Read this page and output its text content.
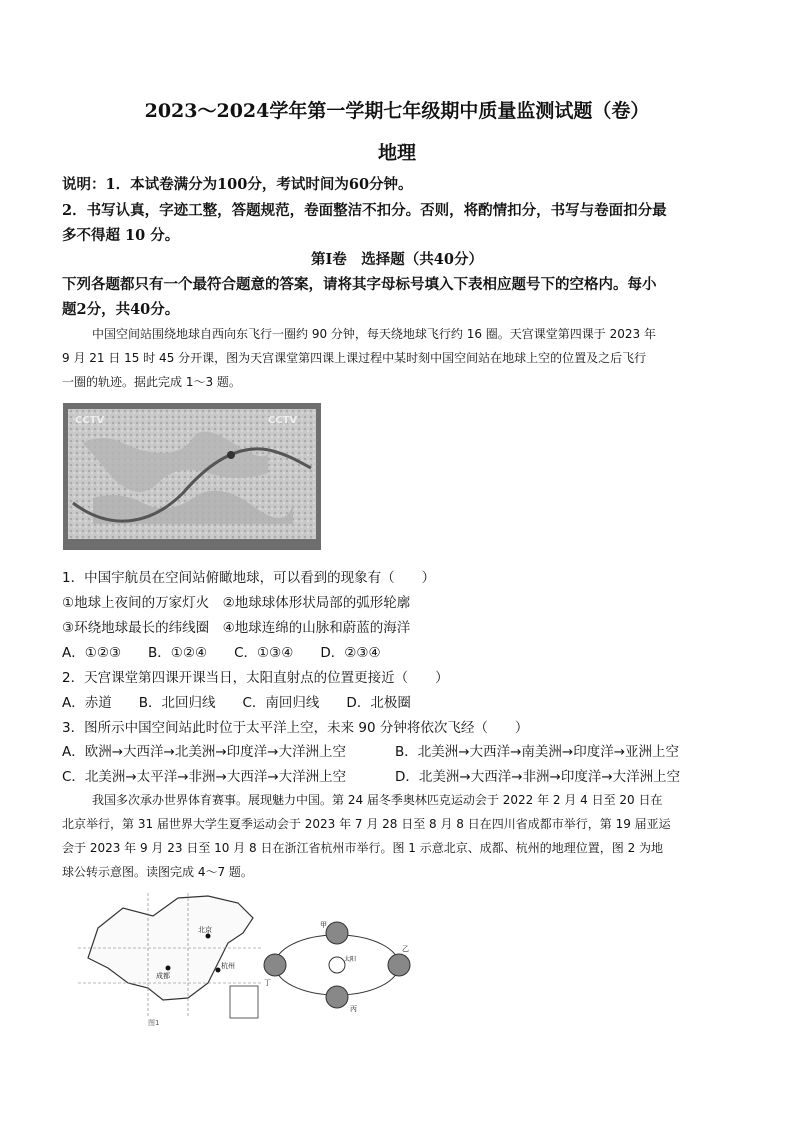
2023～2024学年第一学期七年级期中质量监测试题（卷）
地理
说明：1．本试卷满分为100分，考试时间为60分钟。
2．书写认真，字迹工整，答题规范，卷面整洁不扣分。否则，将酌情扣分，书写与卷面扣分最
多不得超 10 分。
第Ⅰ卷　选择题（共40分）
下列各题都只有一个最符合题意的答案，请将其字母标号填入下表相应题号下的空格内。每小
题2分，共40分。
中国空间站围绕地球自西向东飞行一圈约 90 分钟，每天绕地球飞行约 16 圈。天宫课堂第四课于 2023 年
9 月 21 日 15 时 45 分开课，图为天宫课堂第四课上课过程中某时刻中国空间站在地球上空的位置及之后飞行
一圈的轨迹。据此完成 1～3 题。
CCTV	CCTV
1．中国宇航员在空间站俯瞰地球，可以看到的现象有（　　）
①地球上夜间的万家灯火　②地球球体形状局部的弧形轮廓
③环绕地球最长的纬线圈　④地球连绵的山脉和蔚蓝的海洋
A．①②③　　B．①②④　　C．①③④　　D．②③④
2．天宫课堂第四课开课当日，太阳直射点的位置更接近（　　）
A．赤道　　B．北回归线　　C．南回归线　　D．北极圈
3．图所示中国空间站此时位于太平洋上空，未来 90 分钟将依次飞经（　　）
A．欧洲→大西洋→北美洲→印度洋→大洋洲上空	B．北美洲→大西洋→南美洲→印度洋→亚洲上空
C．北美洲→太平洋→非洲→大西洋→大洋洲上空	D．北美洲→大西洋→非洲→印度洋→大洋洲上空
我国多次承办世界体育赛事。展现魅力中国。第 24 届冬季奥林匹克运动会于 2022 年 2 月 4 日至 20 日在
北京举行，第 31 届世界大学生夏季运动会于 2023 年 7 月 28 日至 8 月 8 日在四川省成都市举行，第 19 届亚运
会于 2023 年 9 月 23 日至 10 月 8 日在浙江省杭州市举行。图 1 示意北京、成都、杭州的地理位置，图 2 为地
球公转示意图。读图完成 4～7 题。
北京
成都
杭州
图1
太阳
甲
乙
丙
丁
